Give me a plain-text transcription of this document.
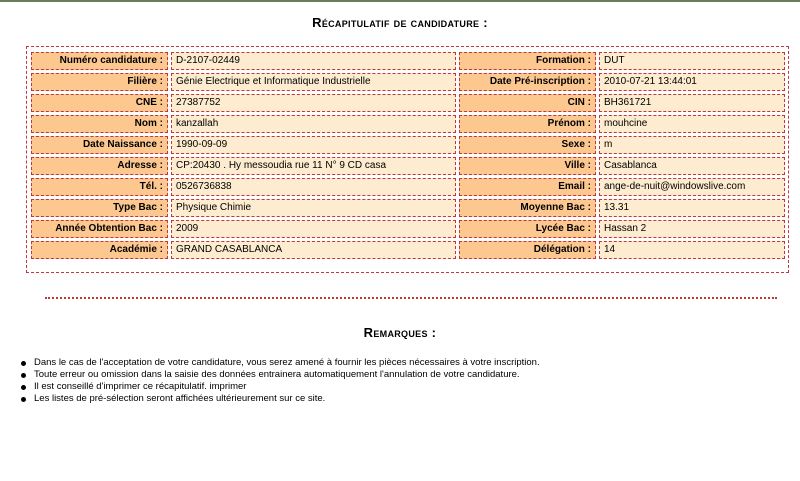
Récapitulatif de candidature :
Numéro candidature :	D-2107-02449	Formation :	DUT
Filière :	Génie Electrique et Informatique Industrielle	Date Pré-inscription :	2010-07-21 13:44:01
CNE :	27387752	CIN :	BH361721
Nom :	kanzallah	Prénom :	mouhcine
Date Naissance :	1990-09-09	Sexe :	m
Adresse :	CP:20430 . Hy messoudia rue 11 N° 9 CD casa	Ville :	Casablanca
Tél. :	0526736838	Email :	ange-de-nuit@windowslive.com
Type Bac :	Physique Chimie	Moyenne Bac :	13.31
Année Obtention Bac :	2009	Lycée Bac :	Hassan 2
Académie :	GRAND CASABLANCA	Délégation :	14
Remarques :
Dans le cas de l'acceptation de votre candidature, vous serez amené à fournir les pièces nécessaires à votre inscription.
Toute erreur ou omission dans la saisie des données entrainera automatiquement l'annulation de votre candidature.
Il est conseillé d'imprimer ce récapitulatif. imprimer
Les listes de pré-sélection seront affichées ultérieurement sur ce site.
